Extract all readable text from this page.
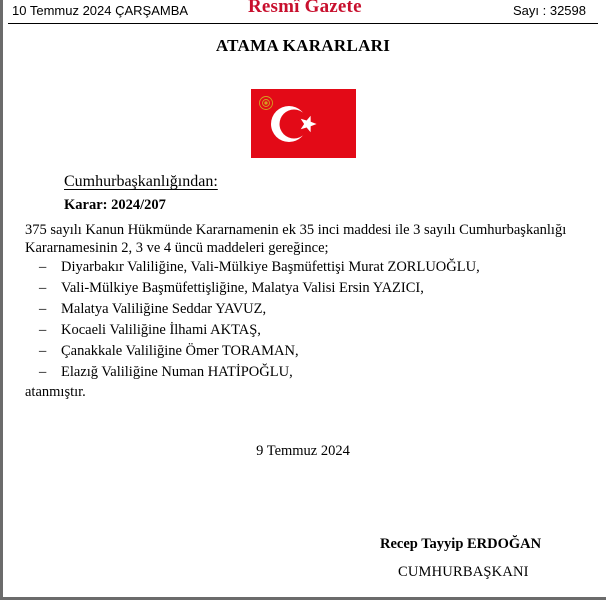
10 Temmuz 2024 ÇARŞAMBA	Resmî Gazete	Sayı : 32598
ATAMA KARARLARI
Cumhurbaşkanlığından:
Karar: 2024/207
375 sayılı Kanun Hükmünde Kararnamenin ek 35 inci maddesi ile 3 sayılı Cumhurbaşkanlığı Kararnamesinin 2, 3 ve 4 üncü maddeleri gereğince;
– Diyarbakır Valiliğine, Vali-Mülkiye Başmüfettişi Murat ZORLUOĞLU,
– Vali-Mülkiye Başmüfettişliğine, Malatya Valisi Ersin YAZICI,
– Malatya Valiliğine Seddar YAVUZ,
– Kocaeli Valiliğine İlhami AKTAŞ,
– Çanakkale Valiliğine Ömer TORAMAN,
– Elazığ Valiliğine Numan HATİPOĞLU,
atanmıştır.
9 Temmuz 2024
Recep Tayyip ERDOĞAN
CUMHURBAŞKANI
